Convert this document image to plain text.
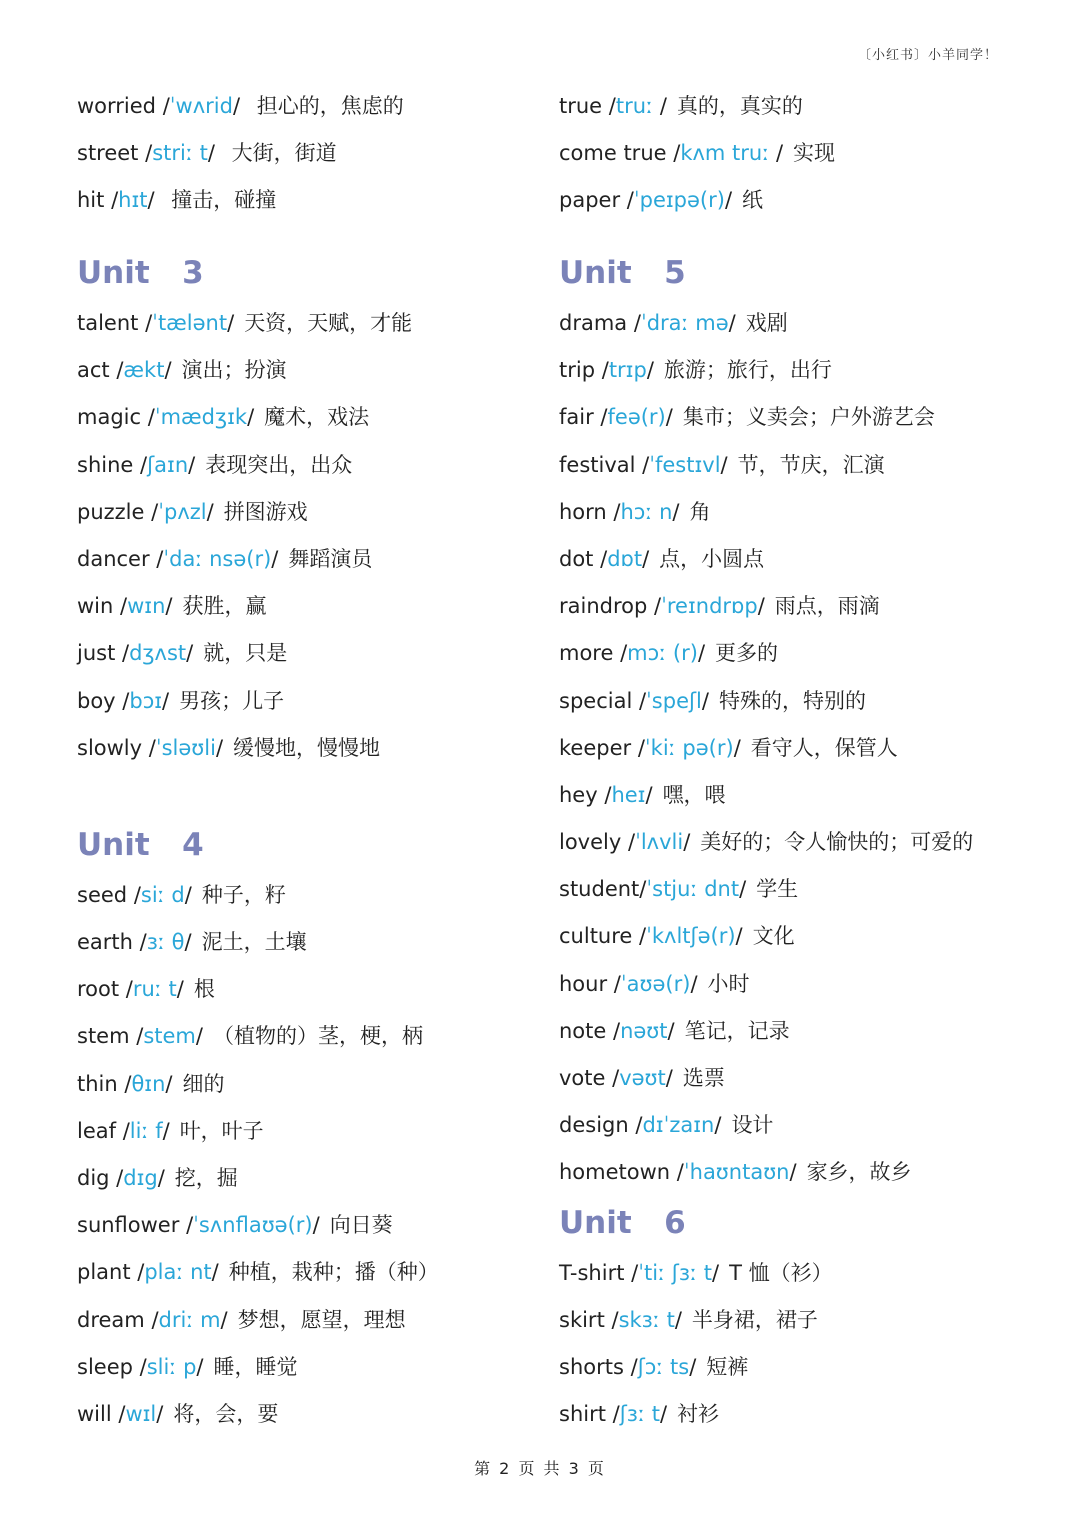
〔小红书〕小羊同学！
worried /ˈwʌrid/ 担心的，焦虑的
street /striː t/ 大街，街道
hit /hɪt/ 撞击，碰撞
Unit   3
talent /ˈtælənt/ 天资，天赋，才能
act /ækt/ 演出；扮演
magic /ˈmædʒɪk/ 魔术，戏法
shine /ʃaɪn/ 表现突出，出众
puzzle /ˈpʌzl/ 拼图游戏
dancer /ˈdaː nsə(r)/ 舞蹈演员
win /wɪn/ 获胜，赢
just /dʒʌst/ 就，只是
boy /bɔɪ/ 男孩；儿子
slowly /ˈsləʊli/ 缓慢地，慢慢地
Unit   4
seed /siː d/ 种子，籽
earth /ɜː θ/ 泥土，土壤
root /ruː t/ 根
stem /stem/ （植物的）茎，梗，柄
thin /θɪn/ 细的
leaf /liː f/ 叶，叶子
dig /dɪg/ 挖，掘
sunflower /ˈsʌnflaʊə(r)/ 向日葵
plant /plaː nt/ 种植，栽种；播（种）
dream /driː m/ 梦想，愿望，理想
sleep /sliː p/ 睡，睡觉
will /wɪl/ 将，会，要
true /truː / 真的，真实的
come true /kʌm truː / 实现
paper /ˈpeɪpə(r)/ 纸
Unit   5
drama /ˈdraː mə/ 戏剧
trip /trɪp/ 旅游；旅行，出行
fair /feə(r)/ 集市；义卖会；户外游艺会
festival /ˈfestɪvl/ 节，节庆，汇演
horn /hɔː n/ 角
dot /dɒt/ 点，小圆点
raindrop /ˈreɪndrɒp/ 雨点，雨滴
more /mɔː (r)/ 更多的
special /ˈspeʃl/ 特殊的，特别的
keeper /ˈkiː pə(r)/ 看守人，保管人
hey /heɪ/ 嘿，喂
lovely /ˈlʌvli/ 美好的；令人愉快的；可爱的
student/ˈstjuː dnt/ 学生
culture /ˈkʌltʃə(r)/ 文化
hour /ˈaʊə(r)/ 小时
note /nəʊt/ 笔记，记录
vote /vəʊt/ 选票
design /dɪˈzaɪn/ 设计
hometown /ˈhaʊntaʊn/ 家乡，故乡
Unit   6
T-shirt /ˈtiː ʃɜː t/ T 恤（衫）
skirt /skɜː t/ 半身裙，裙子
shorts /ʃɔː ts/ 短裤
shirt /ʃɜː t/ 衬衫
第 2 页 共 3 页
